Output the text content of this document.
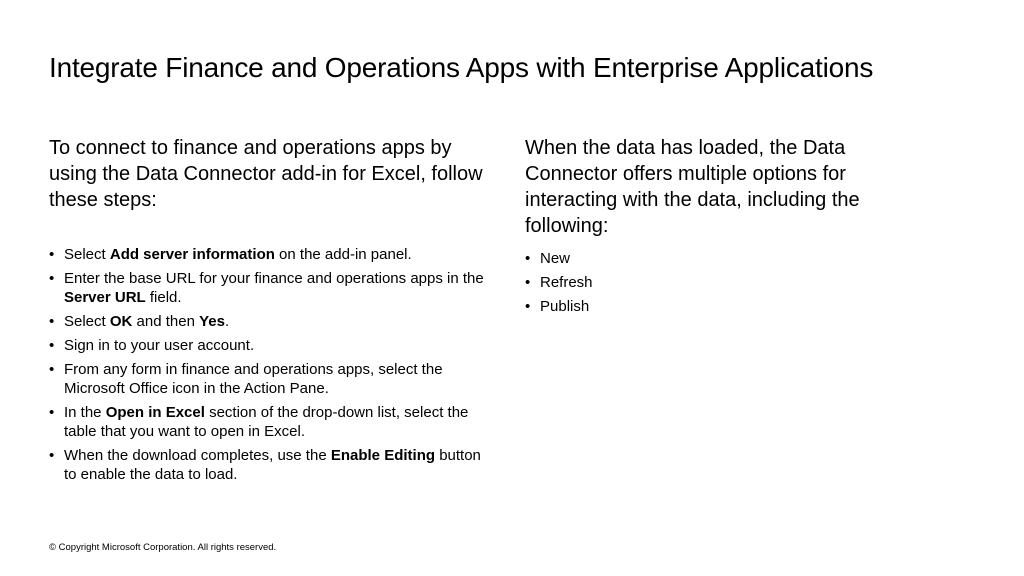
Integrate Finance and Operations Apps with Enterprise Applications

To connect to finance and operations apps by using the Data Connector add-in for Excel, follow these steps:

• Select Add server information on the add-in panel.
• Enter the base URL for your finance and operations apps in the Server URL field.
• Select OK and then Yes.
• Sign in to your user account.
• From any form in finance and operations apps, select the Microsoft Office icon in the Action Pane.
• In the Open in Excel section of the drop-down list, select the table that you want to open in Excel.
• When the download completes, use the Enable Editing button to enable the data to load.

When the data has loaded, the Data Connector offers multiple options for interacting with the data, including the following:

• New
• Refresh
• Publish

© Copyright Microsoft Corporation. All rights reserved.
